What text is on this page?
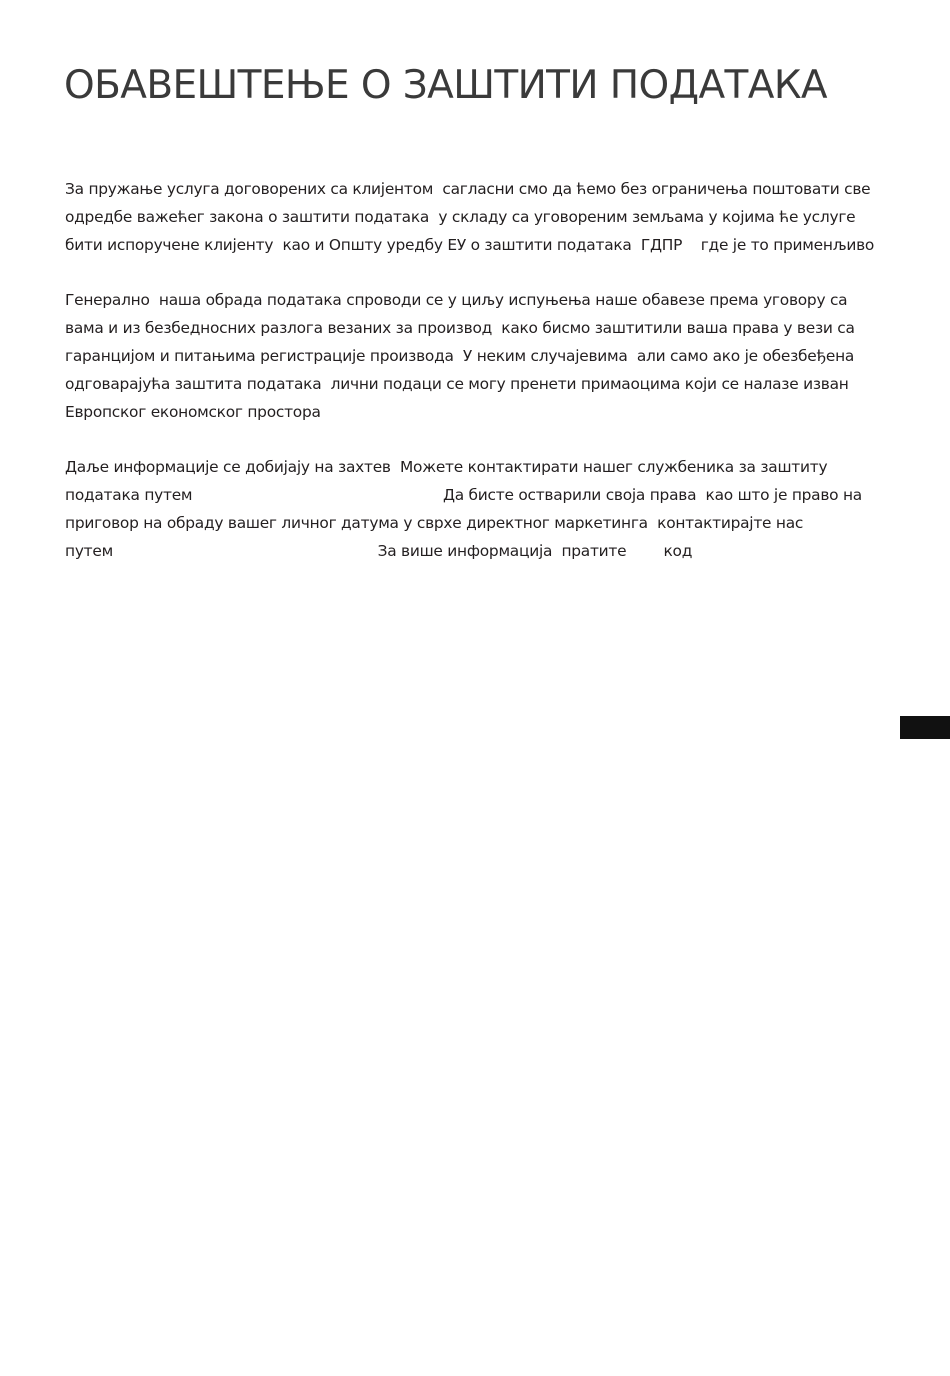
ОБАВЕШТЕЊЕ О ЗАШТИТИ ПОДАТАКА
За пружање услуга договорених са клијентом  сагласни смо да ћемо без ограничења поштовати све
одредбе важећег закона о заштити података  у складу са уговореним земљама у којима ће услуге
бити испоручене клијенту  као и Општу уредбу ЕУ о заштити података  ГДПР    где је то применљиво
Генерално  наша обрада података спроводи се у циљу испуњења наше обавезе према уговору са
вама и из безбедносних разлога везаних за производ  како бисмо заштитили ваша права у вези са
гаранцијом и питањима регистрације производа  У неким случајевима  али само ако је обезбеђена
одговарајућа заштита података  лични подаци се могу пренети примаоцима који се налазе изван
Европског економског простора
Даље информације се добијају на захтев  Можете контактирати нашег службеника за заштиту
података путем                                                      Да бисте остварили своја права  као што је право на
приговор на обраду вашег личног датума у сврхе директног маркетинга  контактирајте нас
путем                                                         За више информација  пратите        код
